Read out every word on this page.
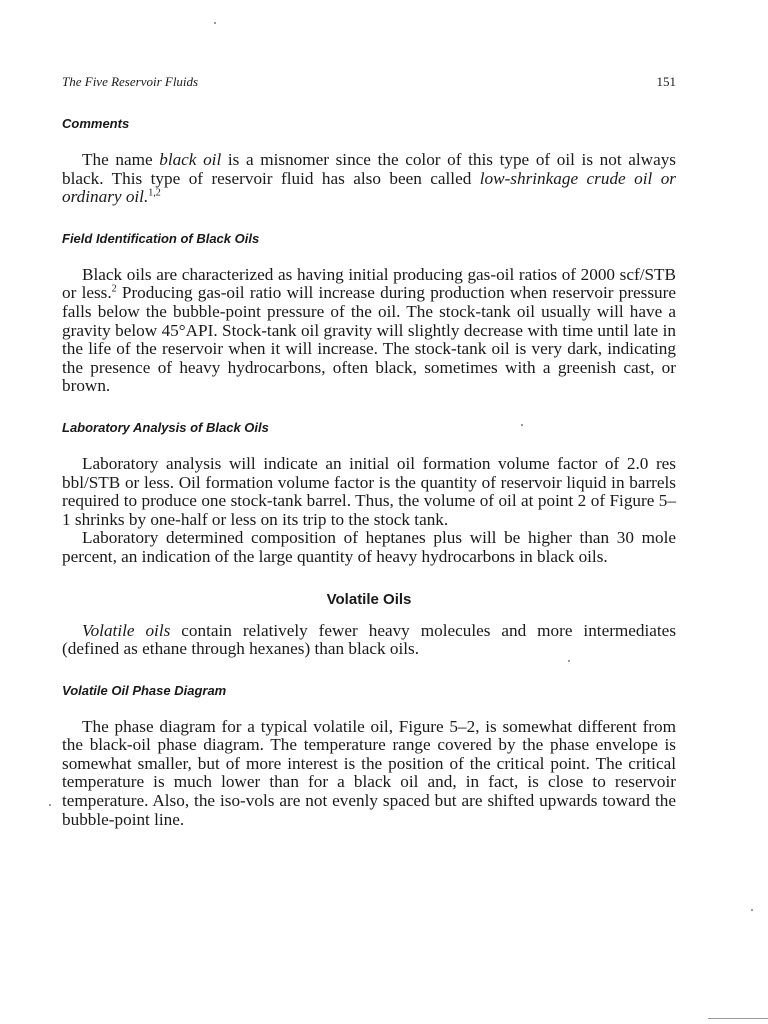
The Five Reservoir Fluids	151
Comments

The name black oil is a misnomer since the color of this type of oil is not always black. This type of reservoir fluid has also been called low-shrinkage crude oil or ordinary oil.$^{1,2}$

Field Identification of Black Oils

Black oils are characterized as having initial producing gas-oil ratios of 2000 scf/STB or less.$^2$ Producing gas-oil ratio will increase during production when reservoir pressure falls below the bubble-point pressure of the oil. The stock-tank oil usually will have a gravity below 45°API. Stock-tank oil gravity will slightly decrease with time until late in the life of the reservoir when it will increase. The stock-tank oil is very dark, indicating the presence of heavy hydrocarbons, often black, sometimes with a greenish cast, or brown.

Laboratory Analysis of Black Oils

Laboratory analysis will indicate an initial oil formation volume factor of 2.0 res bbl/STB or less. Oil formation volume factor is the quantity of reservoir liquid in barrels required to produce one stock-tank barrel. Thus, the volume of oil at point 2 of Figure 5–1 shrinks by one-half or less on its trip to the stock tank.

Laboratory determined composition of heptanes plus will be higher than 30 mole percent, an indication of the large quantity of heavy hydrocarbons in black oils.

Volatile Oils

Volatile oils contain relatively fewer heavy molecules and more intermediates (defined as ethane through hexanes) than black oils.

Volatile Oil Phase Diagram

The phase diagram for a typical volatile oil, Figure 5–2, is somewhat different from the black-oil phase diagram. The temperature range covered by the phase envelope is somewhat smaller, but of more interest is the position of the critical point. The critical temperature is much lower than for a black oil and, in fact, is close to reservoir temperature. Also, the iso-vols are not evenly spaced but are shifted upwards toward the bubble-point line.
